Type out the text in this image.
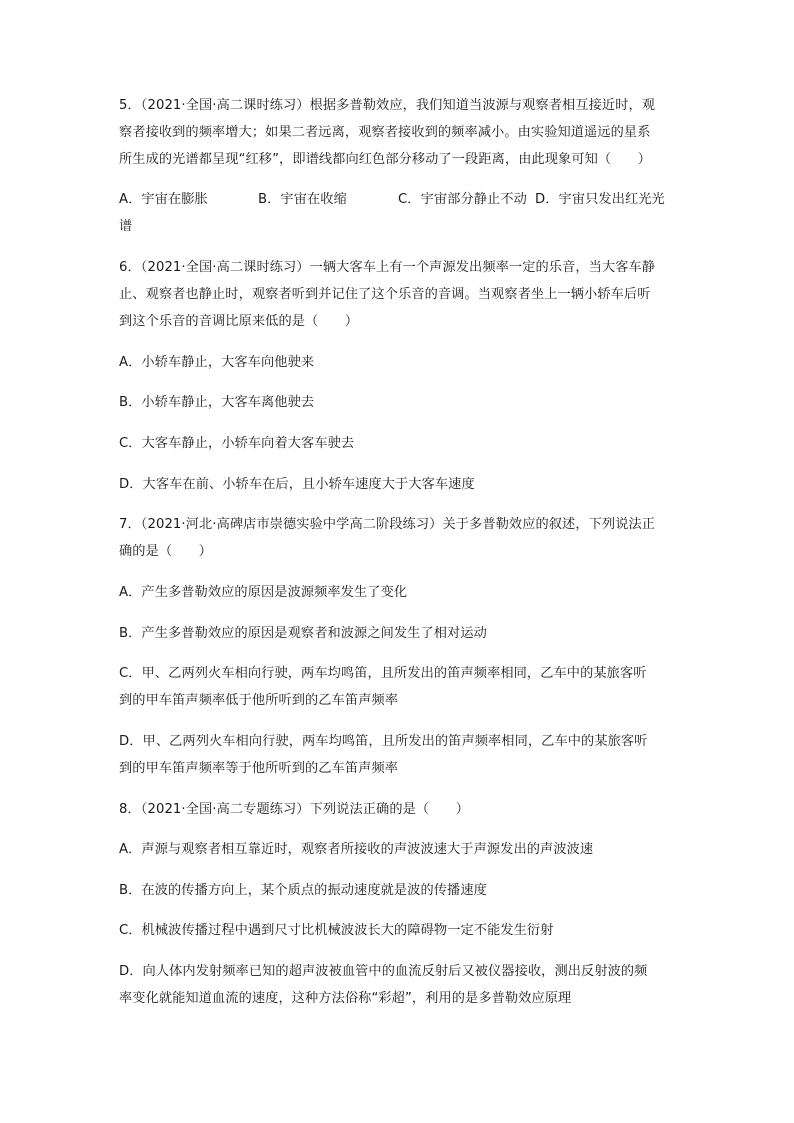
5．（2021·全国·高二课时练习）根据多普勒效应，我们知道当波源与观察者相互接近时，观
察者接收到的频率增大；如果二者远离，观察者接收到的频率减小。由实验知道遥远的星系
所生成的光谱都呈现“红移”，即谱线都向红色部分移动了一段距离，由此现象可知（　　）
A．宇宙在膨胀	B．宇宙在收缩	C．宇宙部分静止不动 D．宇宙只发出红光光
谱
6．（2021·全国·高二课时练习）一辆大客车上有一个声源发出频率一定的乐音，当大客车静
止、观察者也静止时，观察者听到并记住了这个乐音的音调。当观察者坐上一辆小轿车后听
到这个乐音的音调比原来低的是（　　）
A．小轿车静止，大客车向他驶来
B．小轿车静止，大客车离他驶去
C．大客车静止，小轿车向着大客车驶去
D．大客车在前、小轿车在后，且小轿车速度大于大客车速度
7．（2021·河北·高碑店市崇德实验中学高二阶段练习）关于多普勒效应的叙述，下列说法正
确的是（　　）
A．产生多普勒效应的原因是波源频率发生了变化
B．产生多普勒效应的原因是观察者和波源之间发生了相对运动
C．甲、乙两列火车相向行驶，两车均鸣笛，且所发出的笛声频率相同，乙车中的某旅客听
到的甲车笛声频率低于他所听到的乙车笛声频率
D．甲、乙两列火车相向行驶，两车均鸣笛，且所发出的笛声频率相同，乙车中的某旅客听
到的甲车笛声频率等于他所听到的乙车笛声频率
8．（2021·全国·高二专题练习）下列说法正确的是（　　）
A．声源与观察者相互靠近时，观察者所接收的声波波速大于声源发出的声波波速
B．在波的传播方向上，某个质点的振动速度就是波的传播速度
C．机械波传播过程中遇到尺寸比机械波波长大的障碍物一定不能发生衍射
D．向人体内发射频率已知的超声波被血管中的血流反射后又被仪器接收，测出反射波的频
率变化就能知道血流的速度，这种方法俗称“彩超”，利用的是多普勒效应原理
